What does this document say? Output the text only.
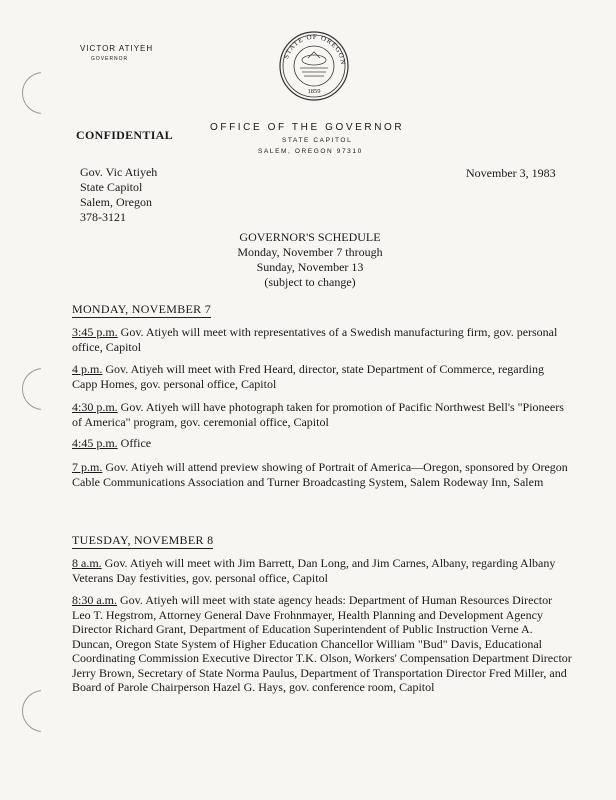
VICTOR ATIYEH
GOVERNOR	STATE OF OREGON
1859
OFFICE OF THE GOVERNOR
STATE CAPITOL
SALEM, OREGON 97310
CONFIDENTIAL
Gov. Vic Atiyeh
State Capitol
Salem, Oregon
378-3121
November 3, 1983
GOVERNOR'S SCHEDULE
Monday, November 7 through
Sunday, November 13
(subject to change)
MONDAY, NOVEMBER 7
3:45 p.m. Gov. Atiyeh will meet with representatives of a Swedish manufacturing firm, gov. personal office, Capitol
4 p.m. Gov. Atiyeh will meet with Fred Heard, director, state Department of Commerce, regarding Capp Homes, gov. personal office, Capitol
4:30 p.m. Gov. Atiyeh will have photograph taken for promotion of Pacific Northwest Bell's "Pioneers of America" program, gov. ceremonial office, Capitol
4:45 p.m. Office
7 p.m. Gov. Atiyeh will attend preview showing of Portrait of America—Oregon, sponsored by Oregon Cable Communications Association and Turner Broadcasting System, Salem Rodeway Inn, Salem
TUESDAY, NOVEMBER 8
8 a.m. Gov. Atiyeh will meet with Jim Barrett, Dan Long, and Jim Carnes, Albany, regarding Albany Veterans Day festivities, gov. personal office, Capitol
8:30 a.m. Gov. Atiyeh will meet with state agency heads: Department of Human Resources Director Leo T. Hegstrom, Attorney General Dave Frohnmayer, Health Planning and Development Agency Director Richard Grant, Department of Education Superintendent of Public Instruction Verne A. Duncan, Oregon State System of Higher Education Chancellor William "Bud" Davis, Educational Coordinating Commission Executive Director T.K. Olson, Workers' Compensation Department Director Jerry Brown, Secretary of State Norma Paulus, Department of Transportation Director Fred Miller, and Board of Parole Chairperson Hazel G. Hays, gov. conference room, Capitol
